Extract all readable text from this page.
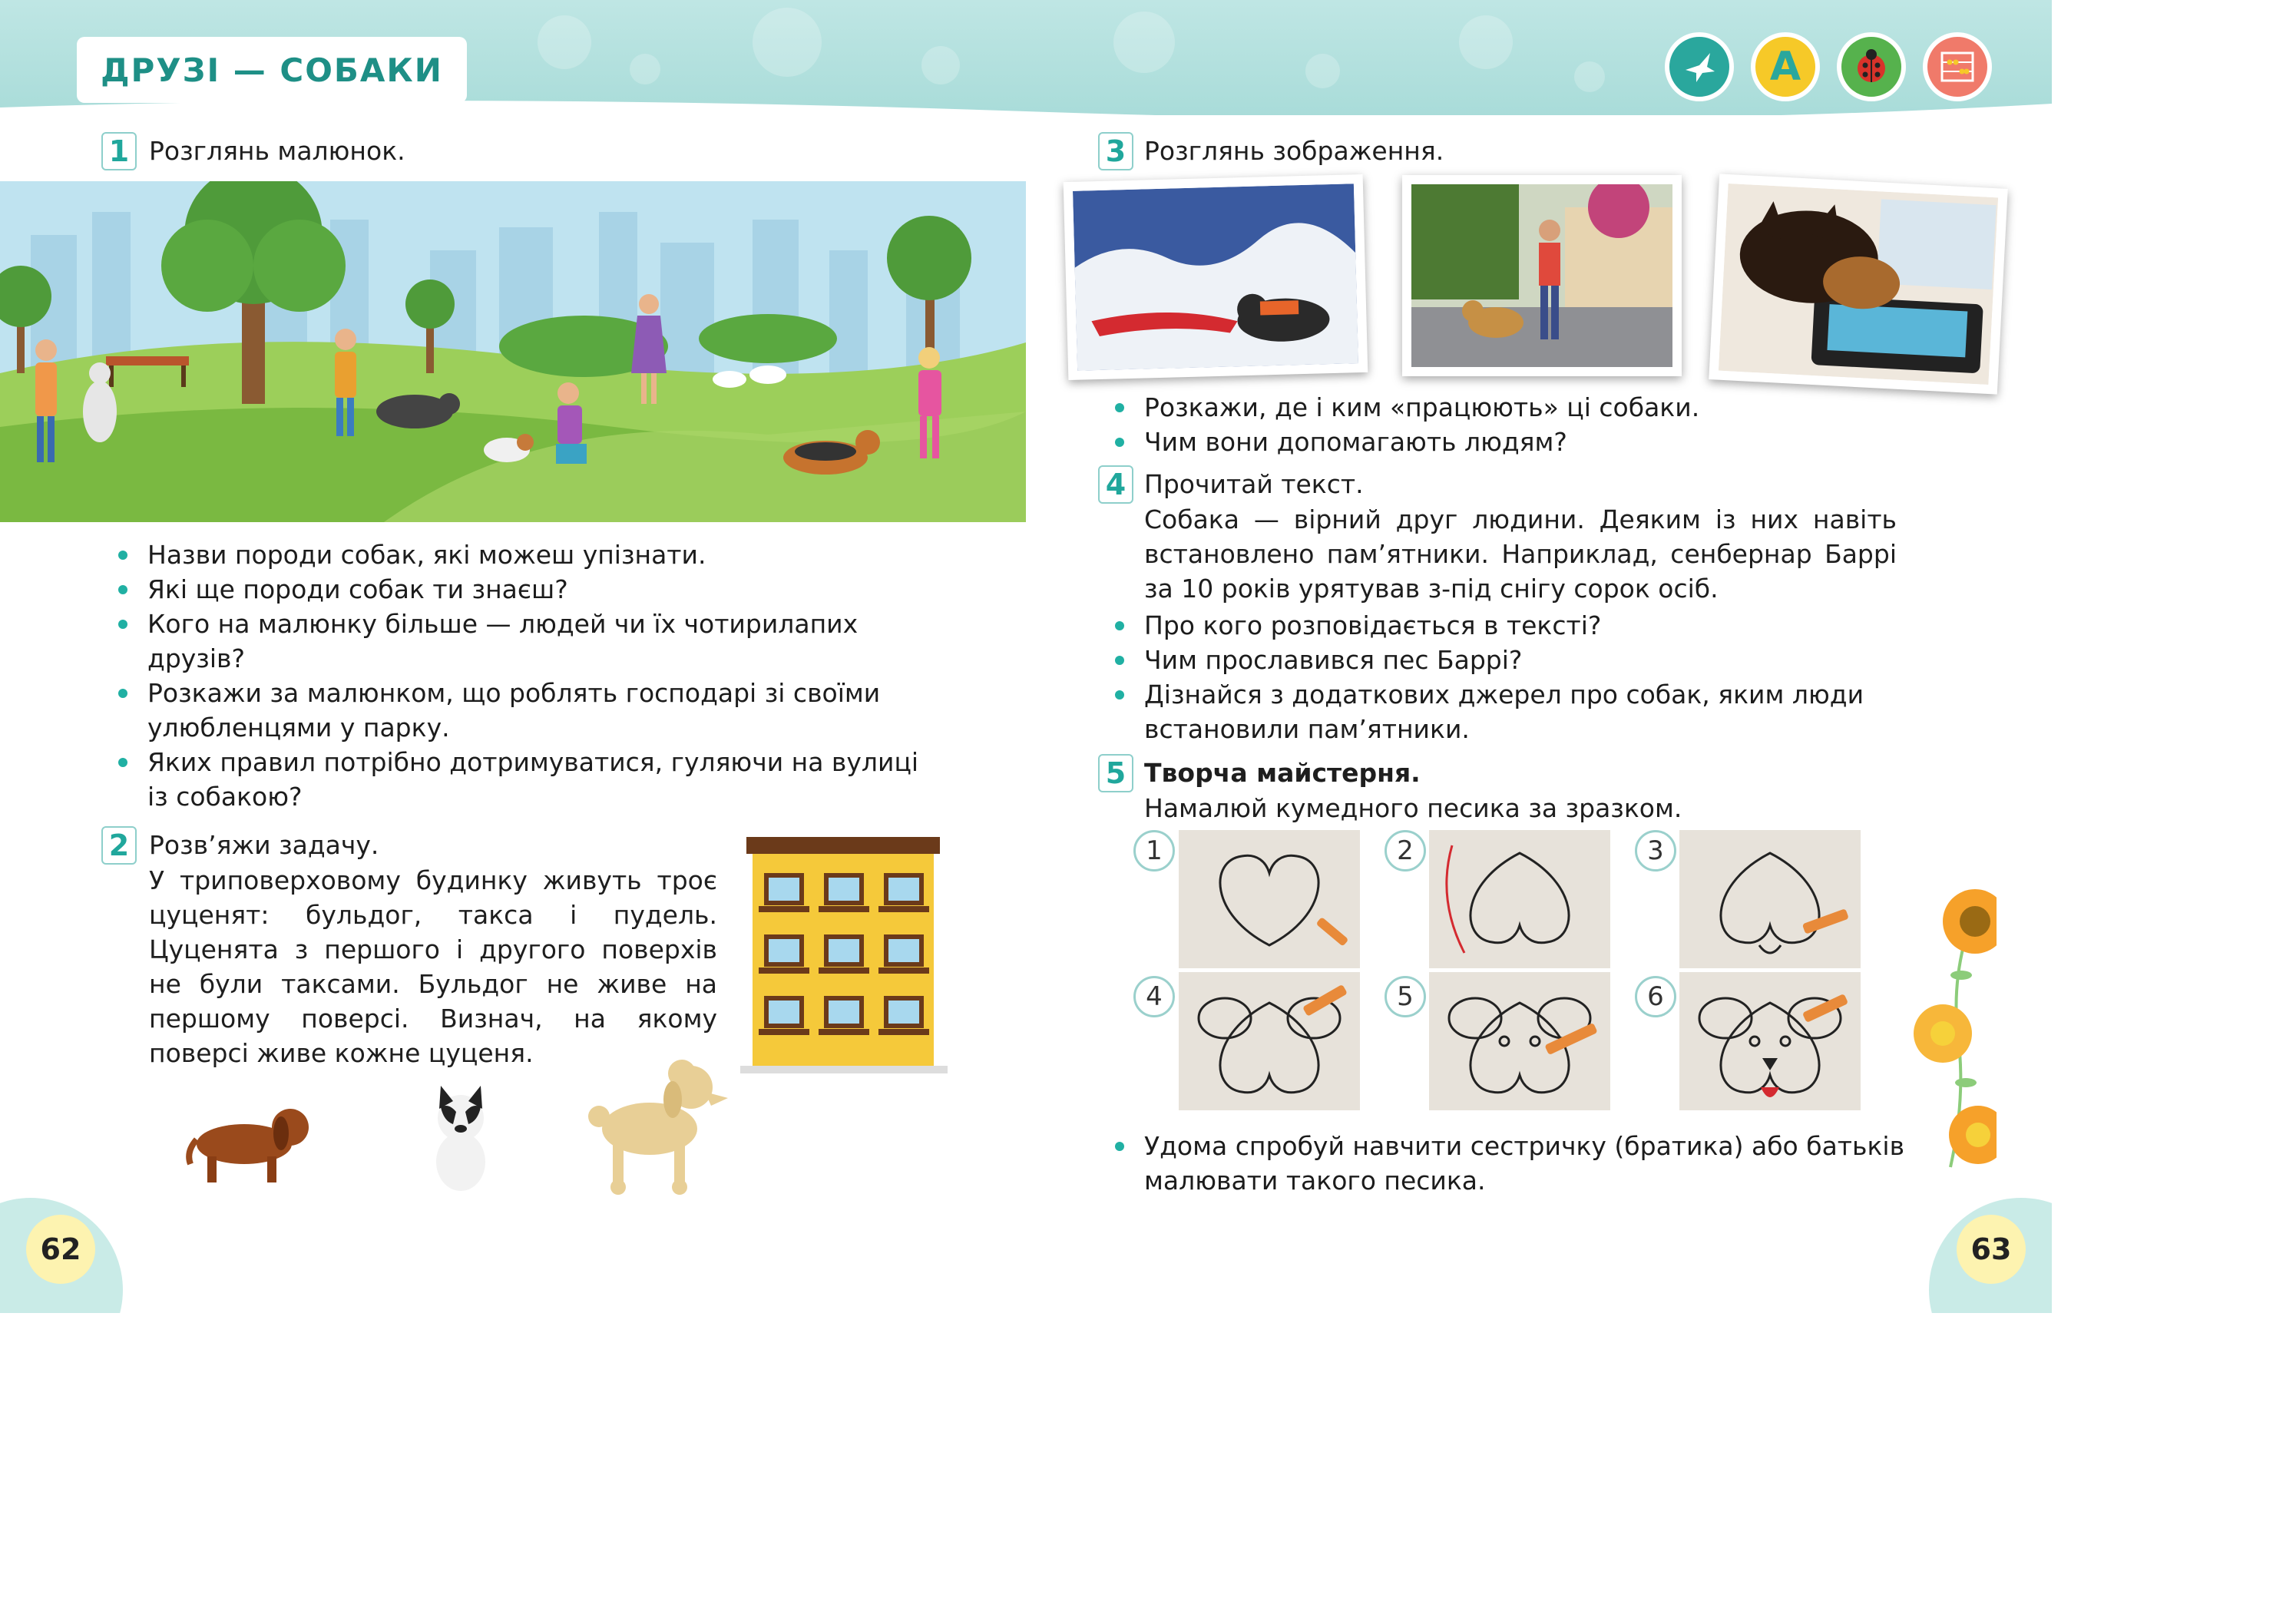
ДРУЗІ — СОБАКИ	А
1 Розглянь малюнок.
Назви породи собак, які можеш упізнати.
Які ще породи собак ти знаєш?
Кого на малюнку більше — людей чи їх чотирилапих друзів?
Розкажи за малюнком, що роблять господарі зі своїми улюбленцями у парку.
Яких правил потрібно дотримуватися, гуляючи на вулиці із собакою?
2 Розв’яжи задачу.
У триповерховому будинку живуть троє цуценят: бульдог, такса і пудель. Цуценята з першого і другого поверхів не були таксами. Бульдог не живе на першому поверсі. Визнач, на якому поверсі живе кожне цуценя.
3 Розглянь зображення.
Розкажи, де і ким «працюють» ці собаки.
Чим вони допомагають людям?
4 Прочитай текст.
Собака — вірний друг людини. Деяким із них навіть встановлено пам’ятники. Наприклад, сенбернар Баррі за 10 років урятував з-під снігу сорок осіб.
Про кого розповідається в тексті?
Чим прославився пес Баррі?
Дізнайся з додаткових джерел про собак, яким люди встановили пам’ятники.
5 Творча майстерня.
Намалюй кумедного песика за зразком.
1	2	3
4	5	6
Удома спробуй навчити сестричку (братика) або батьків малювати такого песика.
62	63
